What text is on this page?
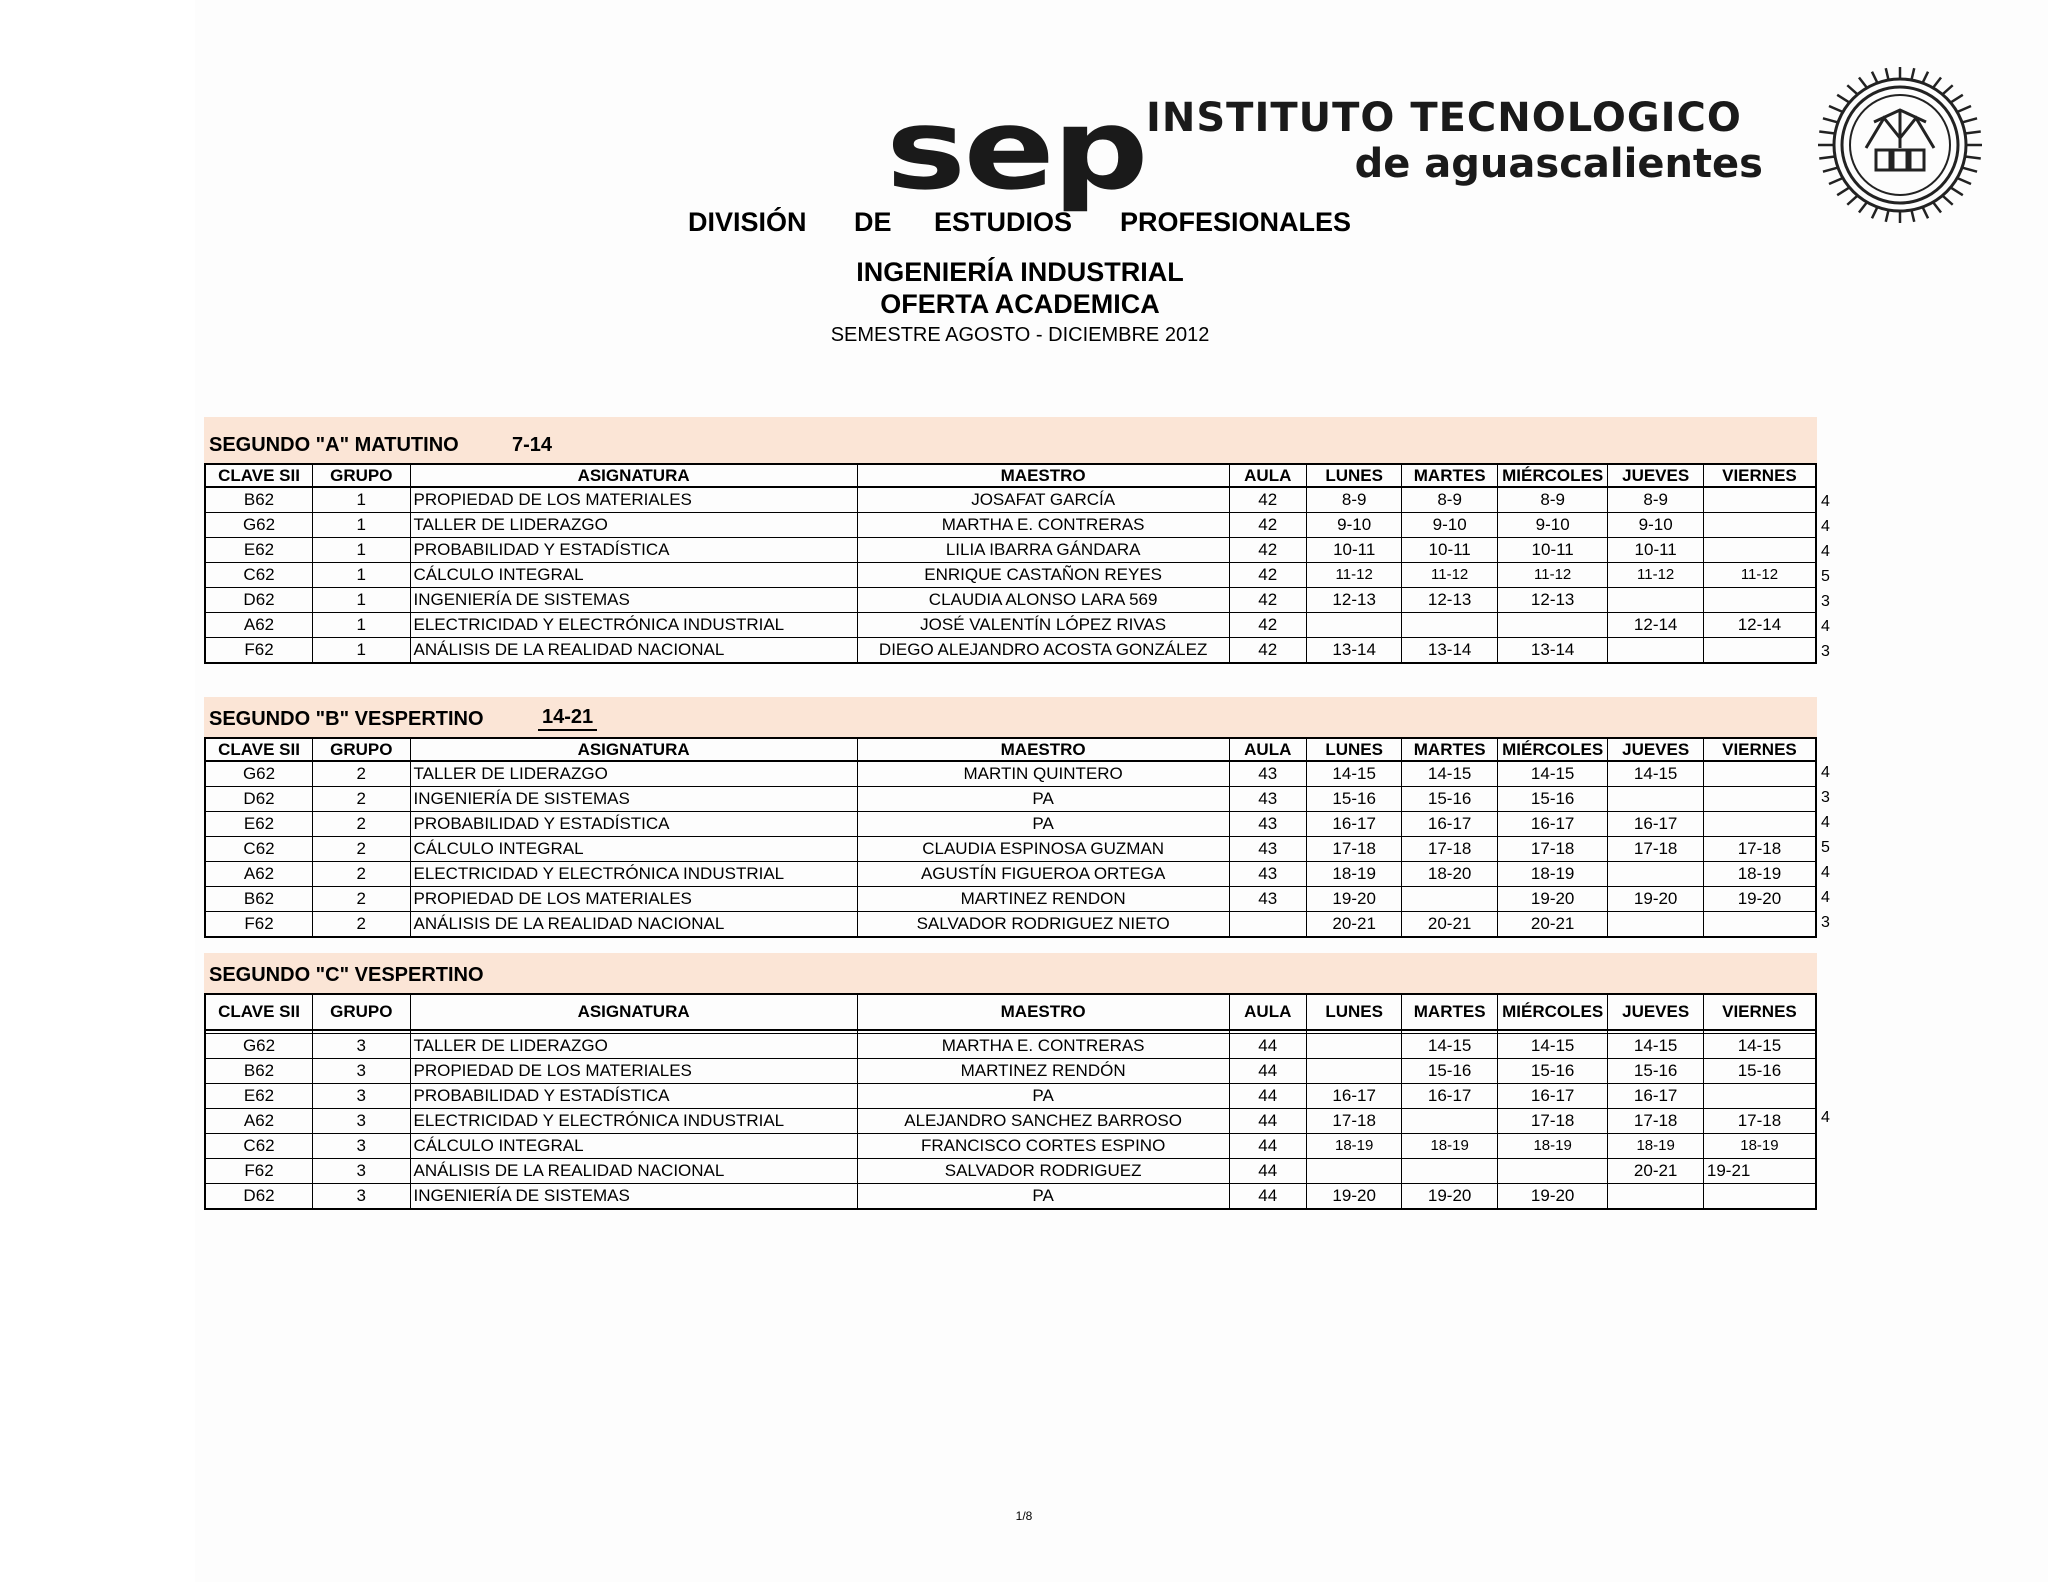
sep INSTITUTO TECNOLOGICO
de aguascalientes
DIVISIÓN DE ESTUDIOS PROFESIONALES
INGENIERÍA INDUSTRIAL
OFERTA ACADEMICA
SEMESTRE AGOSTO - DICIEMBRE 2012
SEGUNDO "A" MATUTINO	7-14
CLAVE SII	GRUPO	ASIGNATURA	MAESTRO	AULA	LUNES	MARTES	MIÉRCOLES	JUEVES	VIERNES
B62	1	PROPIEDAD DE LOS MATERIALES	JOSAFAT GARCÍA	42	8-9	8-9	8-9	8-9	
G62	1	TALLER DE LIDERAZGO	MARTHA E. CONTRERAS	42	9-10	9-10	9-10	9-10	
E62	1	PROBABILIDAD Y ESTADÍSTICA	LILIA IBARRA GÁNDARA	42	10-11	10-11	10-11	10-11	
C62	1	CÁLCULO INTEGRAL	ENRIQUE CASTAÑON REYES	42	11-12	11-12	11-12	11-12	11-12
D62	1	INGENIERÍA DE SISTEMAS	CLAUDIA ALONSO LARA 569	42	12-13	12-13	12-13		
A62	1	ELECTRICIDAD Y ELECTRÓNICA INDUSTRIAL	JOSÉ VALENTÍN LÓPEZ RIVAS	42				12-14	12-14
F62	1	ANÁLISIS DE LA REALIDAD NACIONAL	DIEGO ALEJANDRO ACOSTA GONZÁLEZ	42	13-14	13-14	13-14		
4
4
4
5
3
4
3
SEGUNDO "B" VESPERTINO	14-21
CLAVE SII	GRUPO	ASIGNATURA	MAESTRO	AULA	LUNES	MARTES	MIÉRCOLES	JUEVES	VIERNES
G62	2	TALLER DE LIDERAZGO	MARTIN QUINTERO	43	14-15	14-15	14-15	14-15	
D62	2	INGENIERÍA DE SISTEMAS	PA	43	15-16	15-16	15-16		
E62	2	PROBABILIDAD Y ESTADÍSTICA	PA	43	16-17	16-17	16-17	16-17	
C62	2	CÁLCULO INTEGRAL	CLAUDIA ESPINOSA GUZMAN	43	17-18	17-18	17-18	17-18	17-18
A62	2	ELECTRICIDAD Y ELECTRÓNICA INDUSTRIAL	AGUSTÍN FIGUEROA ORTEGA	43	18-19	18-20	18-19		18-19
B62	2	PROPIEDAD DE LOS MATERIALES	MARTINEZ RENDON	43	19-20		19-20	19-20	19-20
F62	2	ANÁLISIS DE LA REALIDAD NACIONAL	SALVADOR RODRIGUEZ NIETO		20-21	20-21	20-21		
4
3
4
5
4
4
3
SEGUNDO "C" VESPERTINO
CLAVE SII	GRUPO	ASIGNATURA	MAESTRO	AULA	LUNES	MARTES	MIÉRCOLES	JUEVES	VIERNES

G62	3	TALLER DE LIDERAZGO	MARTHA E. CONTRERAS	44		14-15	14-15	14-15	14-15
B62	3	PROPIEDAD DE LOS MATERIALES	MARTINEZ RENDÓN	44		15-16	15-16	15-16	15-16
E62	3	PROBABILIDAD Y ESTADÍSTICA	PA	44	16-17	16-17	16-17	16-17	
A62	3	ELECTRICIDAD Y ELECTRÓNICA INDUSTRIAL	ALEJANDRO SANCHEZ BARROSO	44	17-18		17-18	17-18	17-18
C62	3	CÁLCULO INTEGRAL	FRANCISCO CORTES ESPINO	44	18-19	18-19	18-19	18-19	18-19
F62	3	ANÁLISIS DE LA REALIDAD NACIONAL	SALVADOR RODRIGUEZ	44				20-21	19-21
D62	3	INGENIERÍA DE SISTEMAS	PA	44	19-20	19-20	19-20		
4
1/8
